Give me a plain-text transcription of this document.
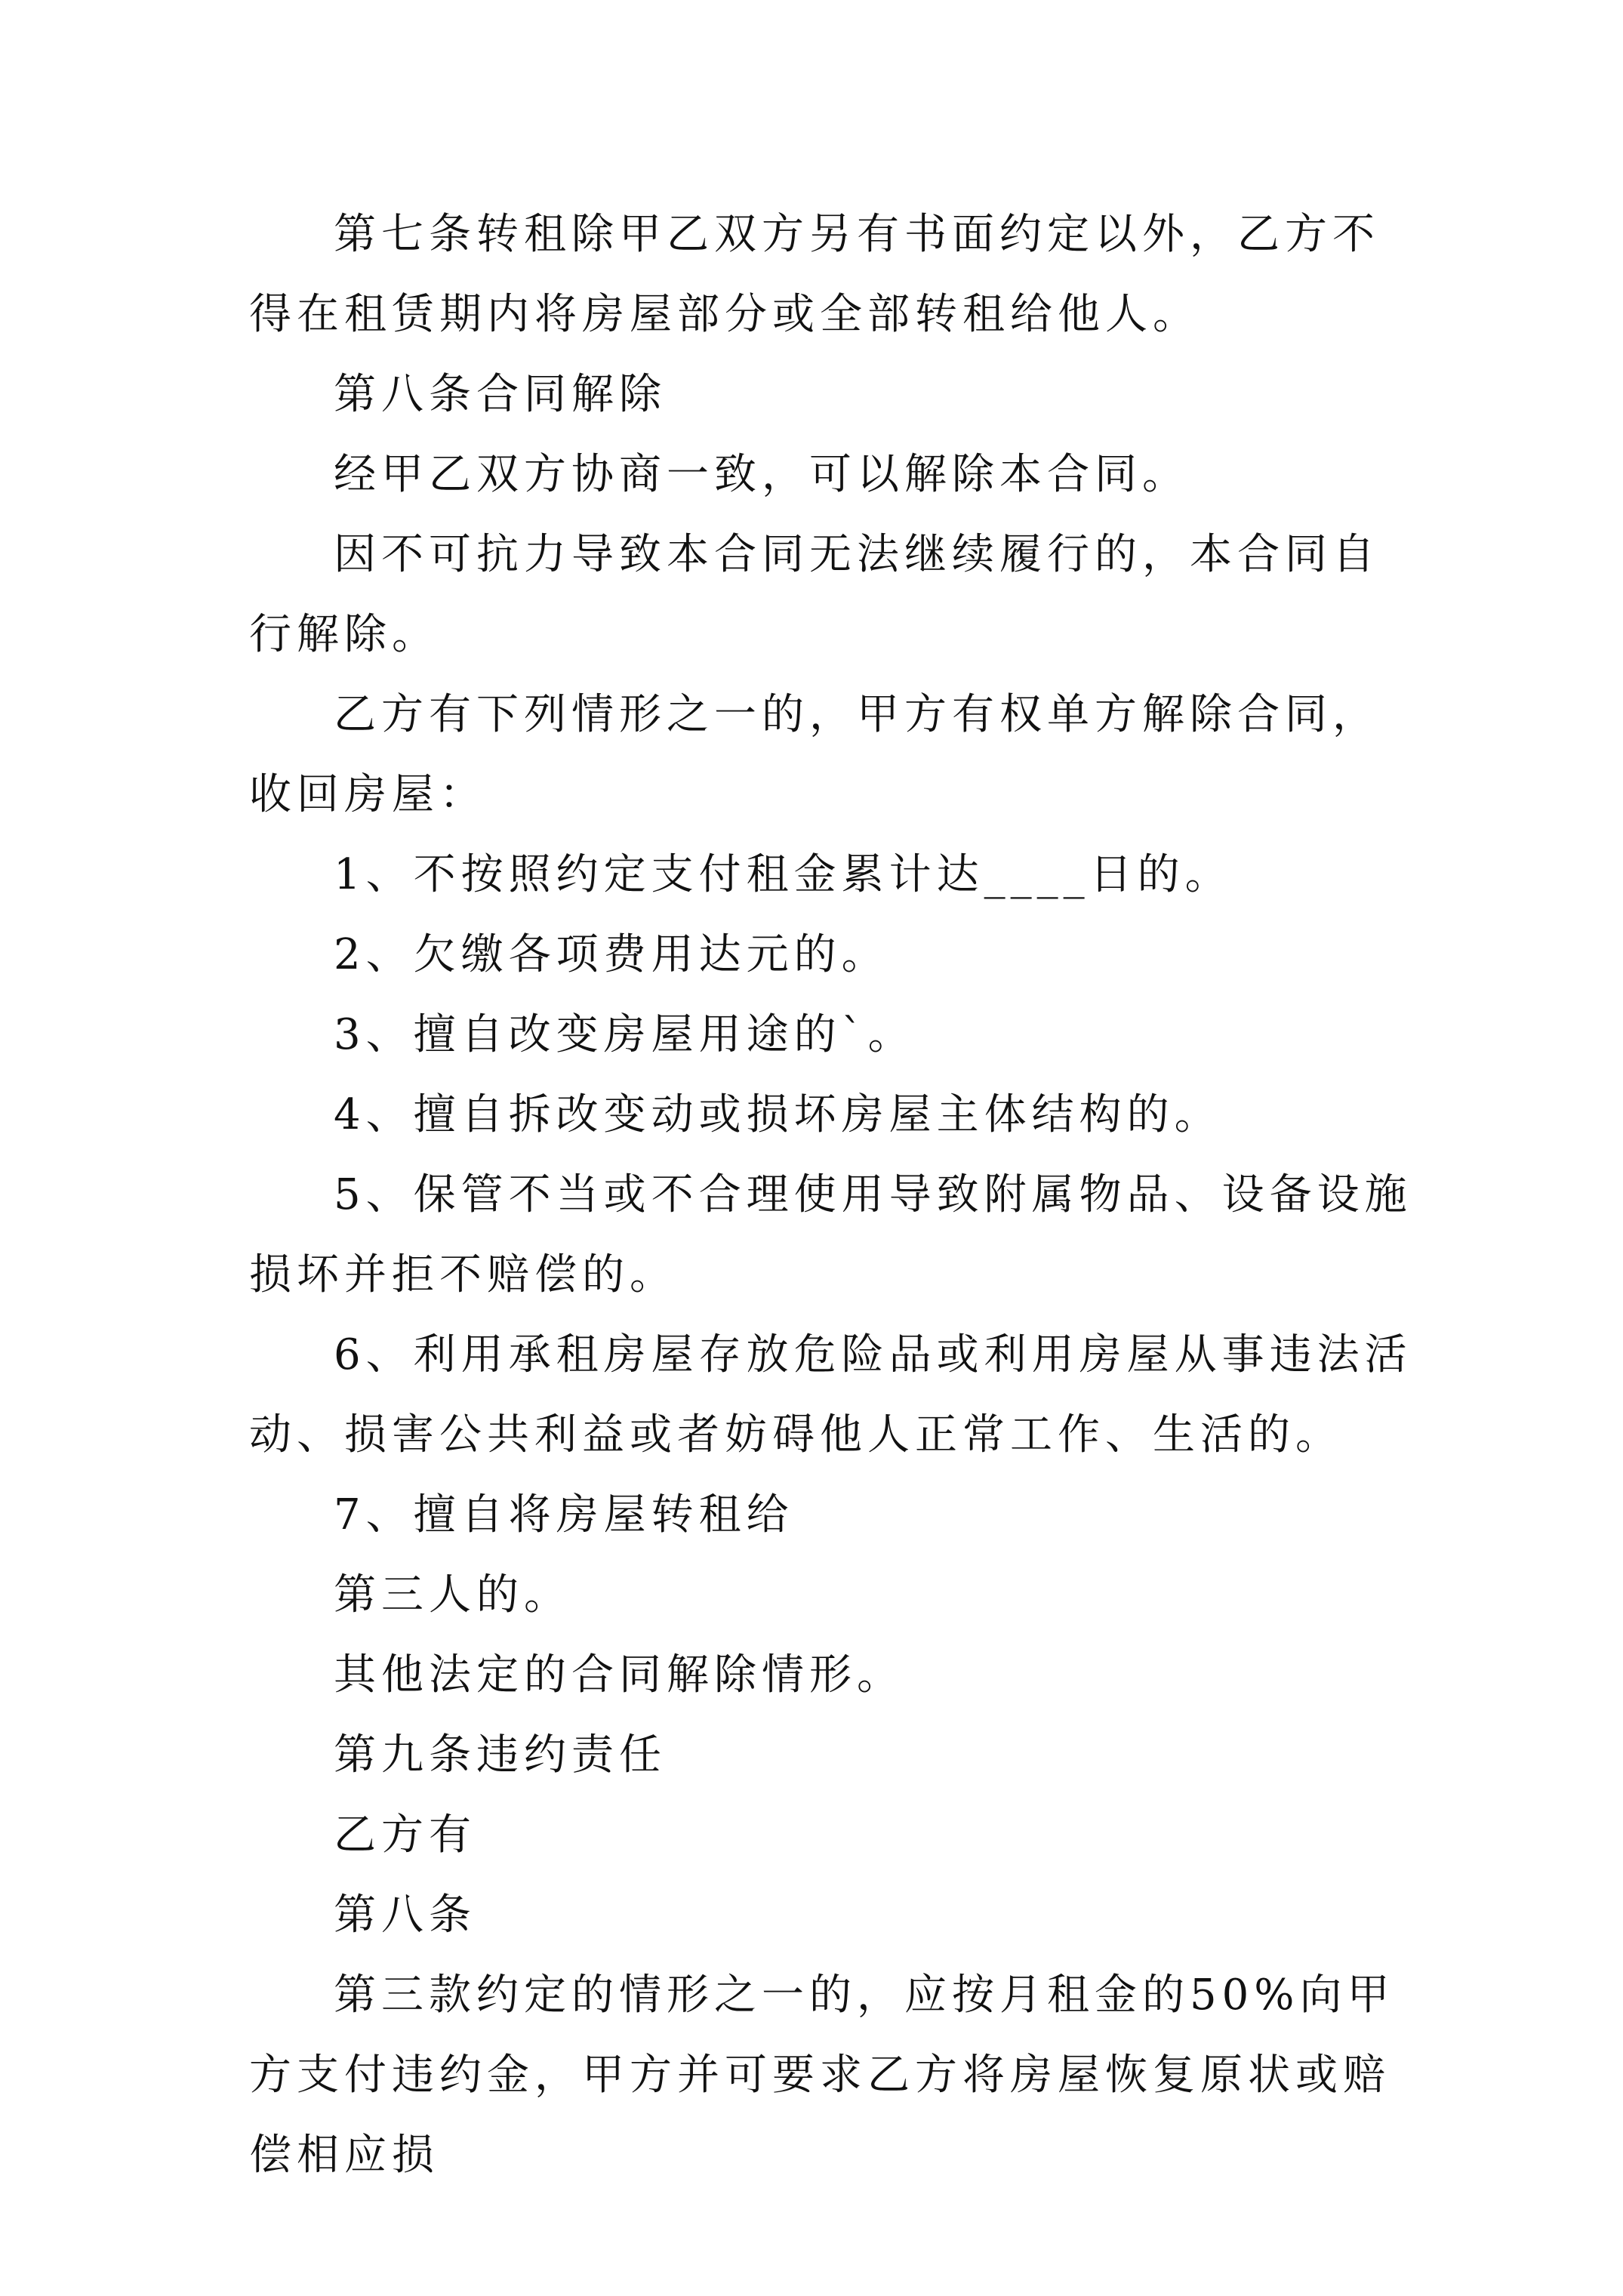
第七条转租除甲乙双方另有书面约定以外，乙方不得在租赁期内将房屋部分或全部转租给他人。

第八条合同解除

经甲乙双方协商一致，可以解除本合同。

因不可抗力导致本合同无法继续履行的，本合同自行解除。

乙方有下列情形之一的，甲方有权单方解除合同，收回房屋：

1、不按照约定支付租金累计达____日的。

2、欠缴各项费用达元的。

3、擅自改变房屋用途的`。

4、擅自拆改变动或损坏房屋主体结构的。

5、保管不当或不合理使用导致附属物品、设备设施损坏并拒不赔偿的。

6、利用承租房屋存放危险品或利用房屋从事违法活动、损害公共利益或者妨碍他人正常工作、生活的。

7、擅自将房屋转租给

第三人的。

其他法定的合同解除情形。

第九条违约责任

乙方有

第八条

第三款约定的情形之一的，应按月租金的50%向甲方支付违约金，甲方并可要求乙方将房屋恢复原状或赔偿相应损
